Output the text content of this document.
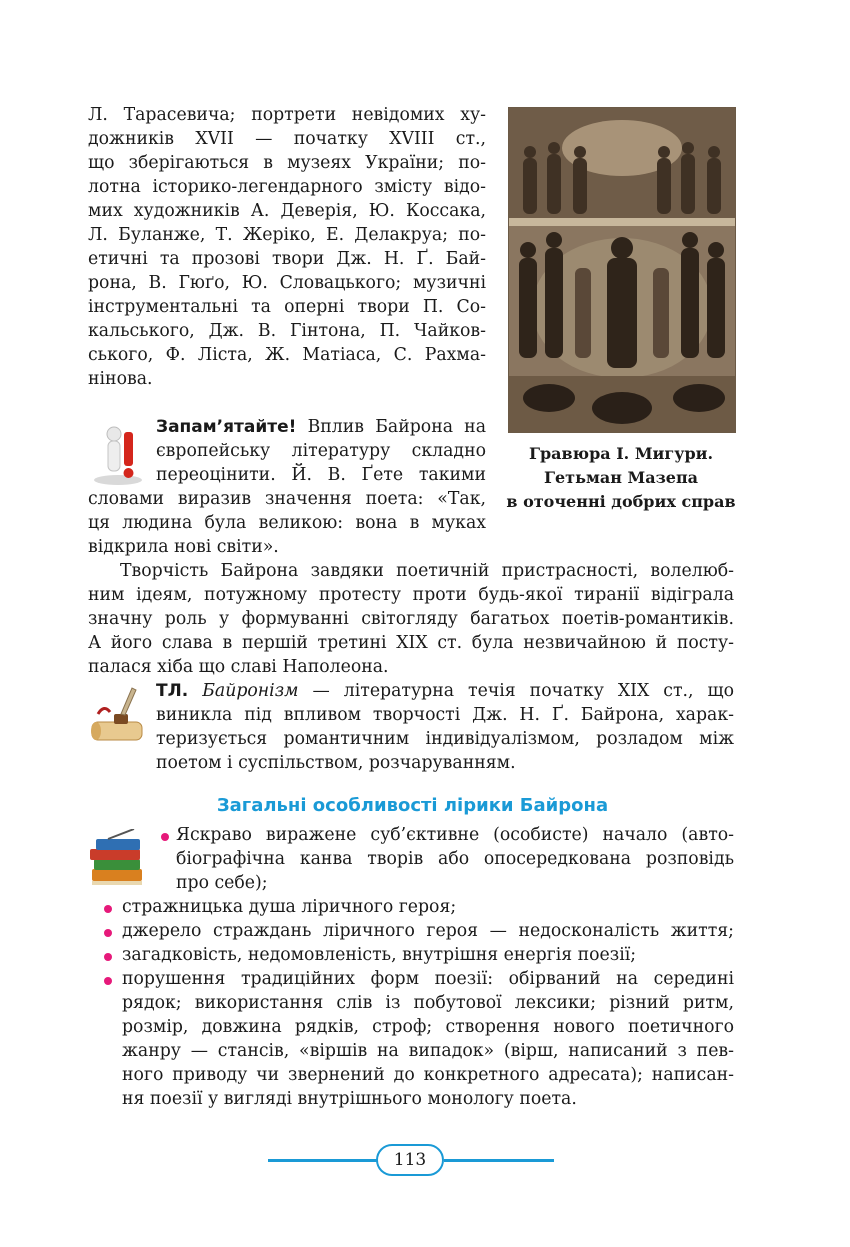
Л. Тарасевича; портрети невідомих ху-
дожників XVII — початку XVIII ст.,
що зберігаються в музеях України; по-
лотна історико-легендарного змісту відо-
мих художників А. Деверія, Ю. Коссака,
Л. Буланже, Т. Жеріко, Е. Делакруа; по-
етичні та прозові твори Дж. Н. Ґ. Бай-
рона, В. Гюґо, Ю. Словацького; музичні
інструментальні та оперні твори П. Со-
кальського, Дж. В. Гінтона, П. Чайков-
ського, Ф. Ліста, Ж. Матіаса, С. Рахма-
нінова.
Гравюра І. Мигури.
Гетьман Мазепа
в оточенні добрих справ
Запам’ятайте! Вплив Байрона на
європейську літературу складно
переоцінити. Й. В. Ґете такими
словами виразив значення поета: «Так,
ця людина була великою: вона в муках
відкрила нові світи».
Творчість Байрона завдяки поетичній пристрасності, волелюб-
ним ідеям, потужному протесту проти будь-якої тиранії відіграла
значну роль у формуванні світогляду багатьох поетів-романтиків.
А його слава в першій третині XIX ст. була незвичайною й посту-
палася хіба що славі Наполеона.
ТЛ. Байронізм — літературна течія початку XIX ст., що
виникла під впливом творчості Дж. Н. Ґ. Байрона, харак-
теризується романтичним індивідуалізмом, розладом між
поетом і суспільством, розчаруванням.
Загальні особливості лірики Байрона
Яскраво виражене суб’єктивне (особисте) начало (авто-
біографічна канва творів або опосередкована розповідь
про себе);
стражницька душа ліричного героя;
джерело страждань ліричного героя — недосконалість життя;
загадковість, недомовленість, внутрішня енергія поезії;
порушення традиційних форм поезії: обірваний на середині
рядок; використання слів із побутової лексики; різний ритм,
розмір, довжина рядків, строф; створення нового поетичного
жанру — стансів, «віршів на випадок» (вірш, написаний з пев-
ного приводу чи звернений до конкретного адресата); написан-
ня поезії у вигляді внутрішнього монологу поета.
113
